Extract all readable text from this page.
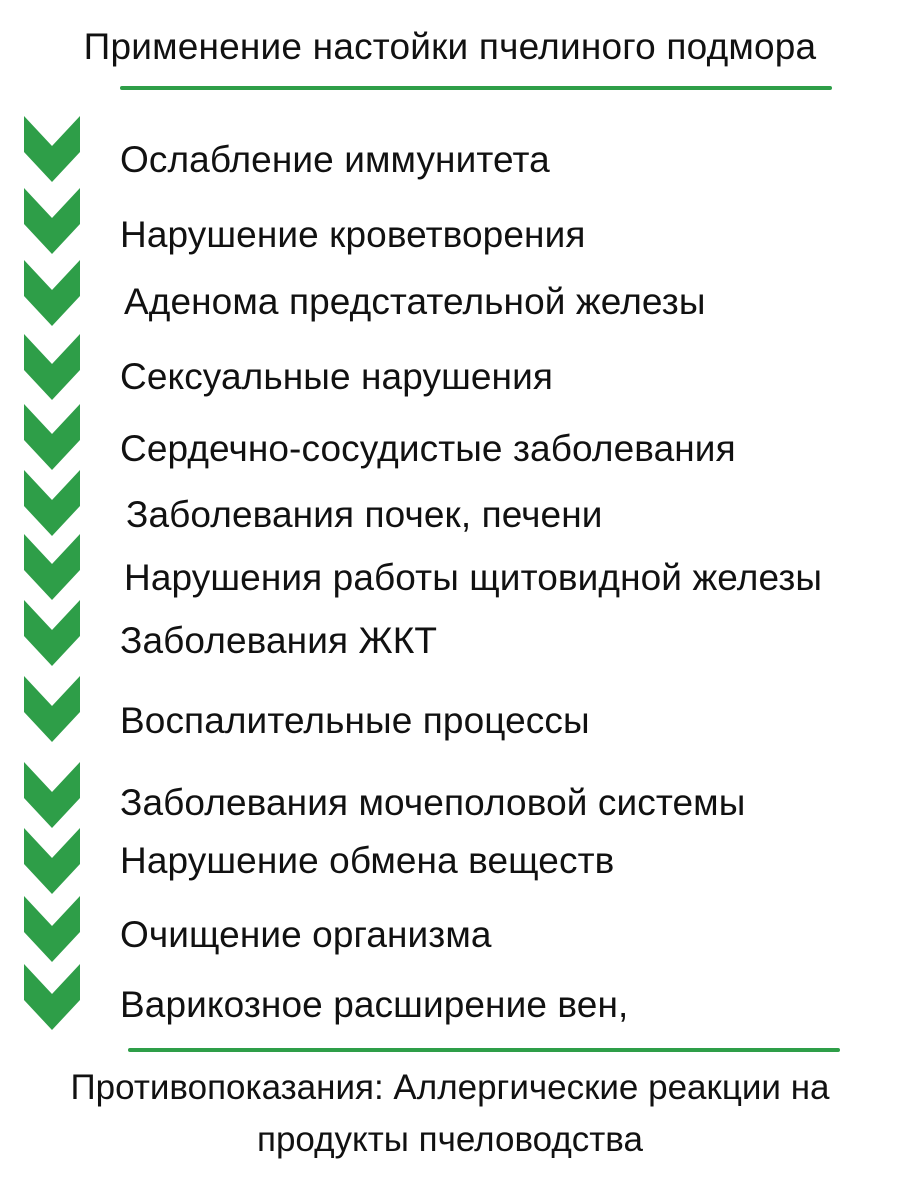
Применение настойки пчелиного подмора
Ослабление иммунитета
Нарушение кроветворения
Аденома предстательной железы
Сексуальные нарушения
Сердечно-сосудистые заболевания
Заболевания почек, печени
Нарушения работы щитовидной железы
Заболевания ЖКТ
Воспалительные процессы
Заболевания мочеполовой системы
Нарушение обмена веществ
Очищение организма
Варикозное расширение вен,
Противопоказания: Аллергические реакции на
продукты пчеловодства
